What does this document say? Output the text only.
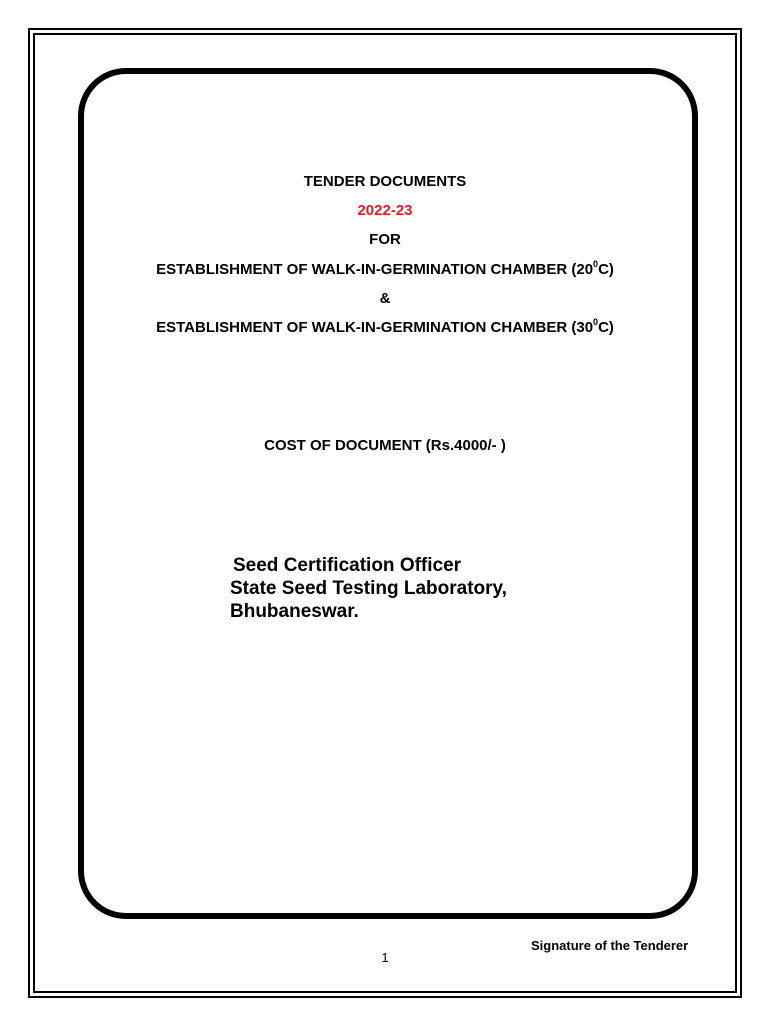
TENDER DOCUMENTS
2022-23
FOR
ESTABLISHMENT OF WALK-IN-GERMINATION CHAMBER $(20^0C)$
&
ESTABLISHMENT OF WALK-IN-GERMINATION CHAMBER $(30^0C)$
COST OF DOCUMENT (Rs.4000/- )
Seed Certification Officer
State Seed Testing Laboratory,
Bhubaneswar.
Signature of the Tenderer
1
